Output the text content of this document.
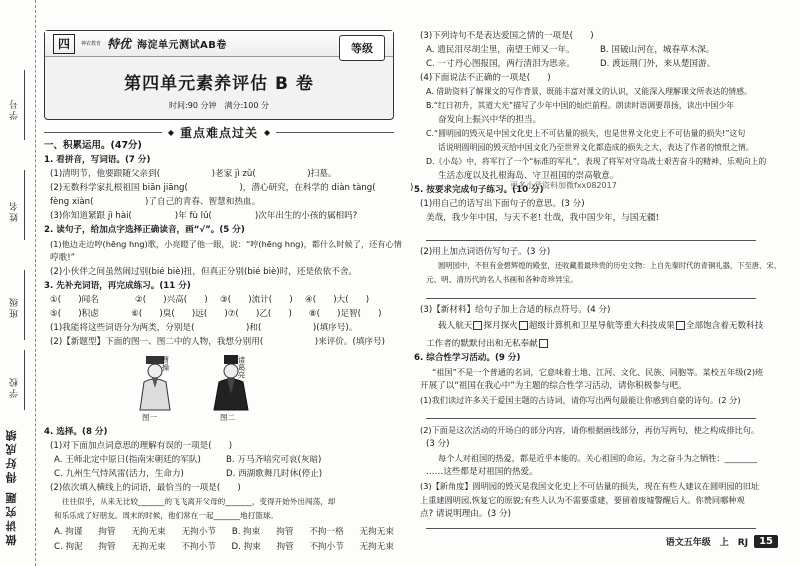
学号
姓名
班级
学校
做讲究题 得好成绩
四 神农教育 特优 海淀单元测试AB卷	等级
第四单元素养评估 B 卷
时间:90 分钟　满分:100 分
◆ 重点难点过关 ◆
一、积累运用。(47分)
1. 看拼音，写词语。(7 分)
(1)清明节，他要跟随父亲到(　　　　　　)老家 jì zǔ(　　　　　　)扫墓。
(2)无数科学家扎根祖国 biān jiāng(　　　　　　)，潜心研究，在科学的 diàn tàng(　　　　)
fèng xiàn(　　　　　　)了自己的青春、智慧和热血。
(3)你知道紧跟 jì hài(　　　　　)年 fù lǔ(　　　　　)次年出生的小孩的属相吗?
2. 读句子，给加点字选择正确读音，画“√”。(5 分)
(1)他边走边哼(hēng hng)歌，小亮瞪了他一眼，说：“哼(hēng hng)，都什么时候了，还有心情
哼歌!”
(2)小伙伴之间虽然闹过别(bié biè)扭，但真正分别(bié biè)时，还是依依不舍。
3. 先补充词语，再完成练习。(11 分)
①(　　)闻名	②(　　)兴高(　　)	③(　　)流计(　　)	④(　　)大(　　)
⑤(　　)积虑	⑥(　　)臭(　　)远(　　) ⑦(　　)乙(　　)	⑧(　　)足智(　　)
(1)我能将这些词语分为两类，分别是(　　　　　　)和(　　　　　　)(填序号)。
(2)【新题型】下面的图一、图二中的人物，我想分别用(　　　　　　)来评价。(填序号)
曹操	诸葛亮
图一	图二
4. 选择。(8 分)
(1)对下面加点词意思的理解有误的一项是(　　)
A. 王师北定中原日(指南宋朝廷的军队)	B. 万马齐喑究可哀(灰暗)
C. 九州生气恃风雷(活力，生命力)	D. 西湖歌舞几时休(停止)
(2)依次填入横线上的词语，最恰当的一项是(　　)
往往似乎，从来无比较_______的飞飞离开父母的_______，变得开始外出闯荡，却
和乐乐成了好朋友。周末的时候，他们常在一起_______地打篮球。
A. 拘谨 拘管 无拘无束 无拘小节 B. 拘束 拘管 不拘一格 无拘无束
C. 拘泥 拘管 无拘无束 不拘小节 D. 拘束 拘管 不拘小节 无拘无束
(3)下列诗句不是表达爱国之情的一项是(　　)
A. 遗民泪尽胡尘里，南望王师又一年。	B. 国破山河在，城春草木深。
C. 一寸丹心图报国，两行清泪为思亲。	D. 渡远荆门外，来从楚国游。
(4)下面说法不正确的一项是(　　)
A. 借助资料了解课文的写作背景，既能丰富对课文的认识，又能深入理解课文所表达的情感。
B.“红日初升，其道大光”描写了少年中国的灿烂前程。朗读时语调要昂扬，读出中国少年
奋发向上振兴中华的担当。
C.“圆明园的毁灭是中国文化史上不可估量的损失，也是世界文化史上不可估量的损失!”这句
话说明圆明园的毁灭给中国文化乃至世界文化都造成的损失之大，表达了作者的愤恨之情。
D.《小岛》中，将军行了一个“标准的军礼”，表现了将军对守岛战士艰苦奋斗的精神、乐观向上的
生活态度以及扎根海岛、守卫祖国的崇高敬意。
5. 按要求完成句子练习。(10 分)
更多小学资料加微fxx082017
(1)用自己的话写出下面句子的意思。(3 分)
美哉，我少年中国，与天不老! 壮哉，我中国少年，与国无疆!
(2)用上加点词语仿写句子。(3 分)
圆明园中，不但有金碧辉煌的殿堂，还收藏着最珍贵的历史文物：上自先秦时代的青铜礼器，下至唐、宋、
元、明、清历代的名人书画和各种奇珍异宝。
(3)【新材料】给句子加上合适的标点符号。(4 分)
载人航天 探月探火 超级计算机和卫星导航等重大科技成果 全部饱含着无数科技
工作者的默默付出和无私奉献
6. 综合性学习活动。(9 分)
“祖国”不是一个普通的名词，它意味着土地、江河、文化、民族、同胞等。某校五年级(2)班
开展了以“祖国在我心中”为主题的综合性学习活动，请你积极参与吧。
(1)我们读过许多关于爱国主题的古诗词，请你写出两句最能让你感到自豪的诗句。(2 分)
(2)下面是这次活动的开场白的部分内容，请你根据画线部分，再仿写两句，使之构成排比句。
(3 分)
每个人对祖国的热爱，都是近乎本能的。关心祖国的命运，为之奋斗为之牺牲：________
……这些都是对祖国的热爱。
(3)【新角度】圆明园的毁灭是我国文化史上不可估量的损失，现在有些人建议在圆明园的旧址
上重建圆明园,恢复它的原貌;有些人认为不需要重建，要留着废墟警醒后人。你赞同哪种观
点? 请说明理由。(3 分)
语文五年级　上　RJ	15
